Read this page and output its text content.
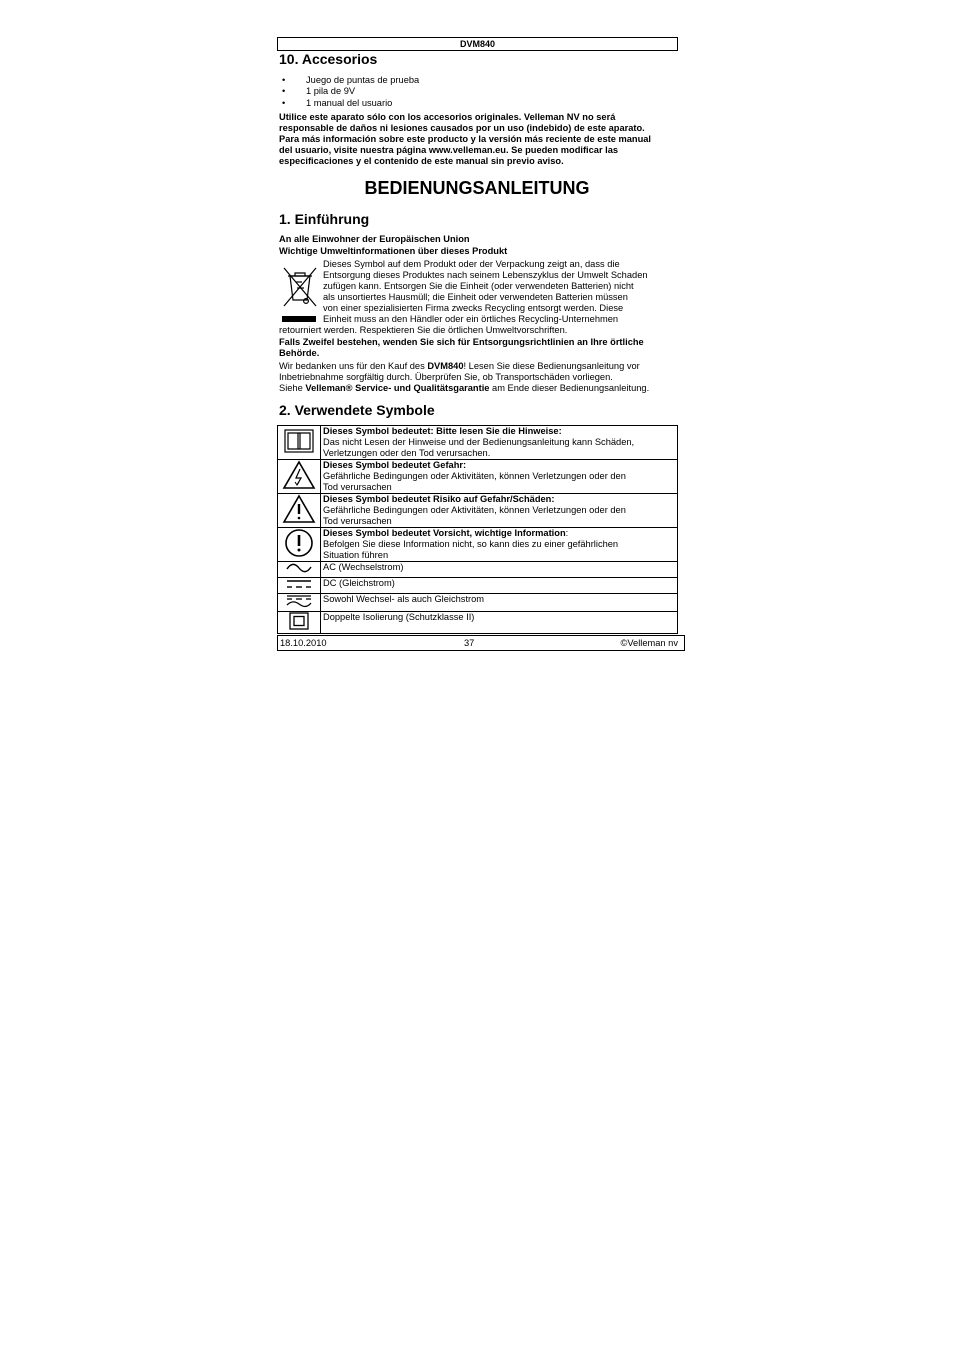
DVM840
10. Accesorios
• Juego de puntas de prueba
• 1 pila de 9V
• 1 manual del usuario
Utilice este aparato sólo con los accesorios originales. Velleman NV no será
responsable de daños ni lesiones causados por un uso (indebido) de este aparato.
Para más información sobre este producto y la versión más reciente de este manual
del usuario, visite nuestra página www.velleman.eu. Se pueden modificar las
especificaciones y el contenido de este manual sin previo aviso.
BEDIENUNGSANLEITUNG
1. Einführung
An alle Einwohner der Europäischen Union
Wichtige Umweltinformationen über dieses Produkt
Dieses Symbol auf dem Produkt oder der Verpackung zeigt an, dass die
Entsorgung dieses Produktes nach seinem Lebenszyklus der Umwelt Schaden
zufügen kann. Entsorgen Sie die Einheit (oder verwendeten Batterien) nicht
als unsortiertes Hausmüll; die Einheit oder verwendeten Batterien müssen
von einer spezialisierten Firma zwecks Recycling entsorgt werden. Diese
Einheit muss an den Händler oder ein örtliches Recycling-Unternehmen
retourniert werden. Respektieren Sie die örtlichen Umweltvorschriften.
Falls Zweifel bestehen, wenden Sie sich für Entsorgungsrichtlinien an Ihre örtliche
Behörde.
Wir bedanken uns für den Kauf des DVM840! Lesen Sie diese Bedienungsanleitung vor
Inbetriebnahme sorgfältig durch. Überprüfen Sie, ob Transportschäden vorliegen.
Siehe Velleman® Service- und Qualitätsgarantie am Ende dieser Bedienungsanleitung.
2. Verwendete Symbole

Dieses Symbol bedeutet: Bitte lesen Sie die Hinweise:
Das nicht Lesen der Hinweise und der Bedienungsanleitung kann Schäden,
Verletzungen oder den Tod verursachen.

Dieses Symbol bedeutet Gefahr:
Gefährliche Bedingungen oder Aktivitäten, können Verletzungen oder den
Tod verursachen

Dieses Symbol bedeutet Risiko auf Gefahr/Schäden:
Gefährliche Bedingungen oder Aktivitäten, können Verletzungen oder den
Tod verursachen

Dieses Symbol bedeutet Vorsicht, wichtige Information:
Befolgen Sie diese Information nicht, so kann dies zu einer gefährlichen
Situation führen

AC (Wechselstrom)

DC (Gleichstrom)

Sowohl Wechsel- als auch Gleichstrom

Doppelte Isolierung (Schutzklasse II)
18.10.2010	37	©Velleman nv
